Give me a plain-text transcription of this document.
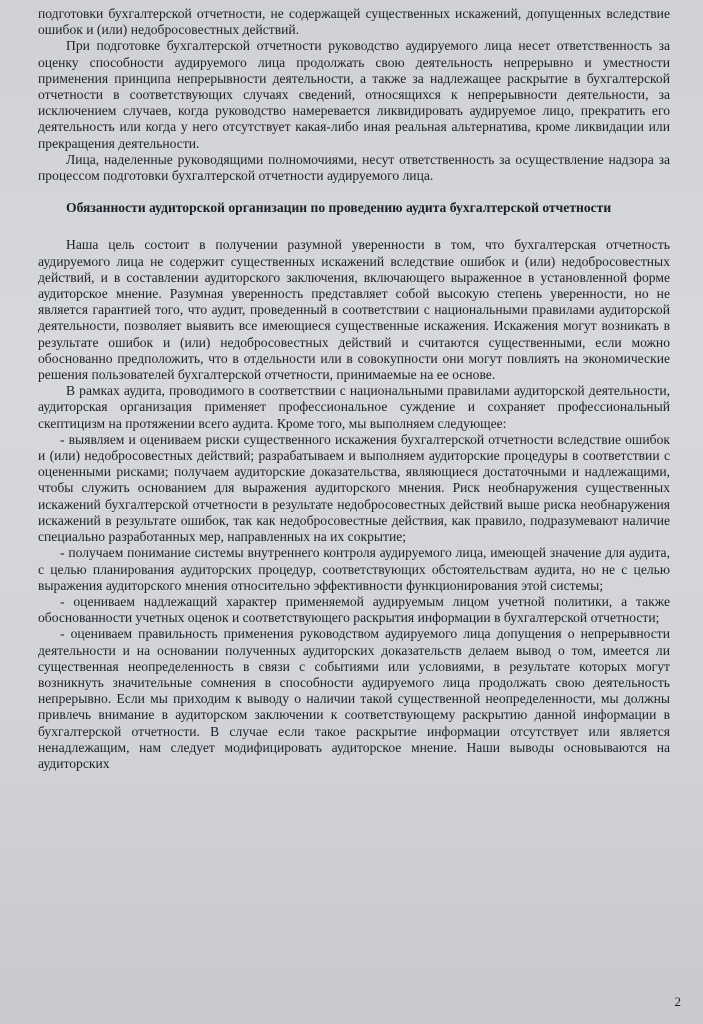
подготовки бухгалтерской отчетности, не содержащей существенных искажений, допущенных вследствие ошибок и (или) недобросовестных действий.

При подготовке бухгалтерской отчетности руководство аудируемого лица несет ответственность за оценку способности аудируемого лица продолжать свою деятельность непрерывно и уместности применения принципа непрерывности деятельности, а также за надлежащее раскрытие в бухгалтерской отчетности в соответствующих случаях сведений, относящихся к непрерывности деятельности, за исключением случаев, когда руководство намеревается ликвидировать аудируемое лицо, прекратить его деятельность или когда у него отсутствует какая-либо иная реальная альтернатива, кроме ликвидации или прекращения деятельности.

Лица, наделенные руководящими полномочиями, несут ответственность за осуществление надзора за процессом подготовки бухгалтерской отчетности аудируемого лица.

Обязанности аудиторской организации по проведению аудита бухгалтерской отчетности

Наша цель состоит в получении разумной уверенности в том, что бухгалтерская отчетность аудируемого лица не содержит существенных искажений вследствие ошибок и (или) недобросовестных действий, и в составлении аудиторского заключения, включающего выраженное в установленной форме аудиторское мнение. Разумная уверенность представляет собой высокую степень уверенности, но не является гарантией того, что аудит, проведенный в соответствии с национальными правилами аудиторской деятельности, позволяет выявить все имеющиеся существенные искажения. Искажения могут возникать в результате ошибок и (или) недобросовестных действий и считаются существенными, если можно обоснованно предположить, что в отдельности или в совокупности они могут повлиять на экономические решения пользователей бухгалтерской отчетности, принимаемые на ее основе.

В рамках аудита, проводимого в соответствии с национальными правилами аудиторской деятельности, аудиторская организация применяет профессиональное суждение и сохраняет профессиональный скептицизм на протяжении всего аудита. Кроме того, мы выполняем следующее:

- выявляем и оцениваем риски существенного искажения бухгалтерской отчетности вследствие ошибок и (или) недобросовестных действий; разрабатываем и выполняем аудиторские процедуры в соответствии с оцененными рисками; получаем аудиторские доказательства, являющиеся достаточными и надлежащими, чтобы служить основанием для выражения аудиторского мнения. Риск необнаружения существенных искажений бухгалтерской отчетности в результате недобросовестных действий выше риска необнаружения искажений в результате ошибок, так как недобросовестные действия, как правило, подразумевают наличие специально разработанных мер, направленных на их сокрытие;

- получаем понимание системы внутреннего контроля аудируемого лица, имеющей значение для аудита, с целью планирования аудиторских процедур, соответствующих обстоятельствам аудита, но не с целью выражения аудиторского мнения относительно эффективности функционирования этой системы;

- оцениваем надлежащий характер применяемой аудируемым лицом учетной политики, а также обоснованности учетных оценок и соответствующего раскрытия информации в бухгалтерской отчетности;

- оцениваем правильность применения руководством аудируемого лица допущения о непрерывности деятельности и на основании полученных аудиторских доказательств делаем вывод о том, имеется ли существенная неопределенность в связи с событиями или условиями, в результате которых могут возникнуть значительные сомнения в способности аудируемого лица продолжать свою деятельность непрерывно. Если мы приходим к выводу о наличии такой существенной неопределенности, мы должны привлечь внимание в аудиторском заключении к соответствующему раскрытию данной информации в бухгалтерской отчетности. В случае если такое раскрытие информации отсутствует или является ненадлежащим, нам следует модифицировать аудиторское мнение. Наши выводы основываются на аудиторских

2
